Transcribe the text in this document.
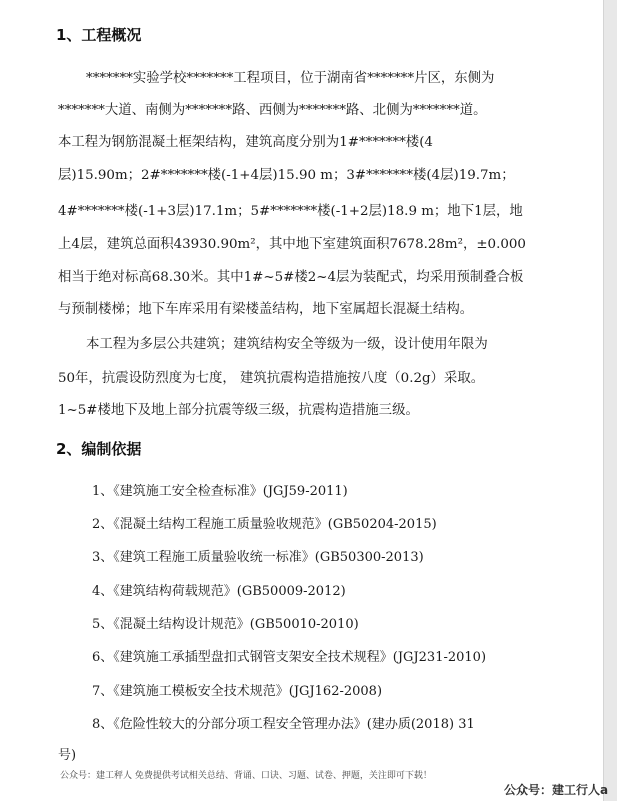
1、工程概况
*******实验学校*******工程项目，位于湖南省*******片区，东侧为
*******大道、南侧为*******路、西侧为*******路、北侧为*******道。
本工程为钢筋混凝土框架结构，建筑高度分别为1#*******楼(4
层)15.90m；2#*******楼(-1+4层)15.90 m；3#*******楼(4层)19.7m；
4#*******楼(-1+3层)17.1m；5#*******楼(-1+2层)18.9 m；地下1层，地
上4层，建筑总面积43930.90m²，其中地下室建筑面积7678.28m²，±0.000
相当于绝对标高68.30米。其中1#~5#楼2~4层为装配式，均采用预制叠合板
与预制楼梯；地下车库采用有梁楼盖结构，地下室属超长混凝土结构。
本工程为多层公共建筑；建筑结构安全等级为一级，设计使用年限为
50年，抗震设防烈度为七度， 建筑抗震构造措施按八度（0.2g）采取。
1~5#楼地下及地上部分抗震等级三级，抗震构造措施三级。
2、编制依据
1、《建筑施工安全检查标准》(JGJ59-2011)
2、《混凝土结构工程施工质量验收规范》(GB50204-2015)
3、《建筑工程施工质量验收统一标准》(GB50300-2013)
4、《建筑结构荷载规范》(GB50009-2012)
5、《混凝土结构设计规范》(GB50010-2010)
6、《建筑施工承插型盘扣式钢管支架安全技术规程》(JGJ231-2010)
7、《建筑施工模板安全技术规范》(JGJ162-2008)
8、《危险性较大的分部分项工程安全管理办法》(建办质(2018) 31
号)
公众号：建工秤人 免费提供考试相关总结、背诵、口诀、习题、试卷、押题，关注即可下载！
公众号：建工行人a
